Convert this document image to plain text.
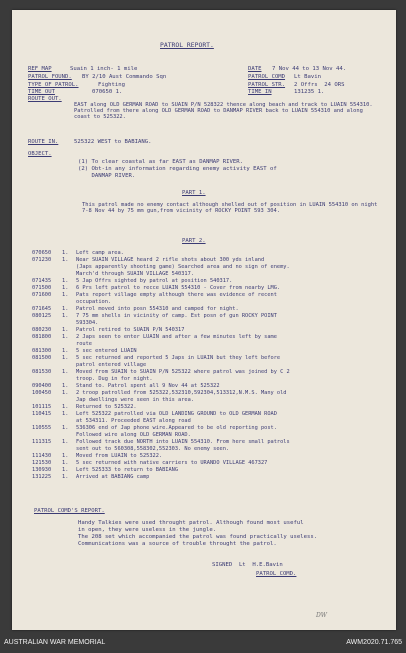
PATROL REPORT.
REF MAP	Suain 1 inch- 1 mile	DATE 7 Nov 44 to 13 Nov 44.
PATROL FOUND. BY 2/10 Aust Commando Sqn	PATROL COMD Lt Bavin
TYPE OF PATROL.	Fighting	PATROL STR. 2 Offrs  24 ORS
TIME OUT	070650 1.	TIME IN	131235 1.
ROUTE OUT.
EAST along OLD GERMAN ROAD to SUAIN P/N 528322 thence along beach and track to LUAIN 554310. Patrolled from there along OLD GERMAN ROAD to DANMAP RIVER back to LUAIN 554310 and along coast to 525322.
ROUTE IN.	525322 WEST to BABIANG.
OBJECT.
(1) To clear coastal as far EAST as DANMAP RIVER.
(2) Obt-in any information regarding enemy activity EAST of
DANMAP RIVER.
PART 1.
This patrol made no enemy contact although shelled out of position in LUAIN 554310 on night 7-8 Nov 44 by 75 mm gun,from vicinity of ROCKY POINT 593 304.
PART 2.
070650	1.	Left camp area.
071230	1.	Near SUAIN VILLAGE heard 2 rifle shots about 300 yds inland
(Japs apparently shooting game) Searched area and no sign of enemy.
March'd through SUAIN VILLAGE 540317.
071435	1.	5 Jap Offrs sighted by patrol at position 540317.
071500	1.	6 Prs left patrol to recce LUAIN 554310 - Cover from nearby LMG.
071600	1.	Pats report village empty although there was evidence of recent
occupation.
071645	1.	Patrol moved into posn 554310 and camped for night.
080125	1.	7 75 mm shells in vicinity of camp. Est posn of gun ROCKY POINT
593304.
080230	1.	Patrol retired to SUAIN P/N 540317
081800	1.	2 Japs seen to enter LUAIN and after a few minutes left by same
route
081300	1.	5 sec entered LUAIN
081500	1.	5 sec returned and reported 5 Japs in LUAIN but they left before
patrol entered village
081530	1.	Moved from SUAIN to SUAIN P/N 525322 where patrol was joined by C 2
troop. Dug in for night.
090400	1.	Stand to. Patrol spent all 9 Nov 44 at 525322
100450	1.	2 troop patrolled from 525322,532310,592304,513312,N.M.S. Many old
Jap dwellings were seen in this area.
101115	1.	Returned to 525322.
110415	1.	Left 525322 patrolled via OLD LANDING GROUND to OLD GERMAN ROAD
at 534311. Proceeded EAST along road
110555	1.	536306 end of Jap phone wire.Appeared to be old reporting post.
Followed wire along OLD GERMAN ROAD.
111315	1.	Followed track due NORTH into LUAIN 554310. From here small patrols
sent out to 560308,558302,552303. No enemy seen.
111430	1.	Moved from LUAIN to 525322.
121530	1.	5 sec returned with native carriers to URANDO VILLAGE 467327
130930	1.	Left 525333 to return to BABIANG
131225	1.	Arrived at BABIANG camp
PATROL COMD'S REPORT.
Handy Talkies were used throught patrol. Although found most useful
in open, they were useless in the jungle.
The 208 set which accompanied the patrol was found practically useless.
Communications was a source of trouble throught the patrol.
SIGNED  Lt  H.E.Bavin
PATROL COMD.
DW
AUSTRALIAN WAR MEMORIAL	AWM2020.71.765
